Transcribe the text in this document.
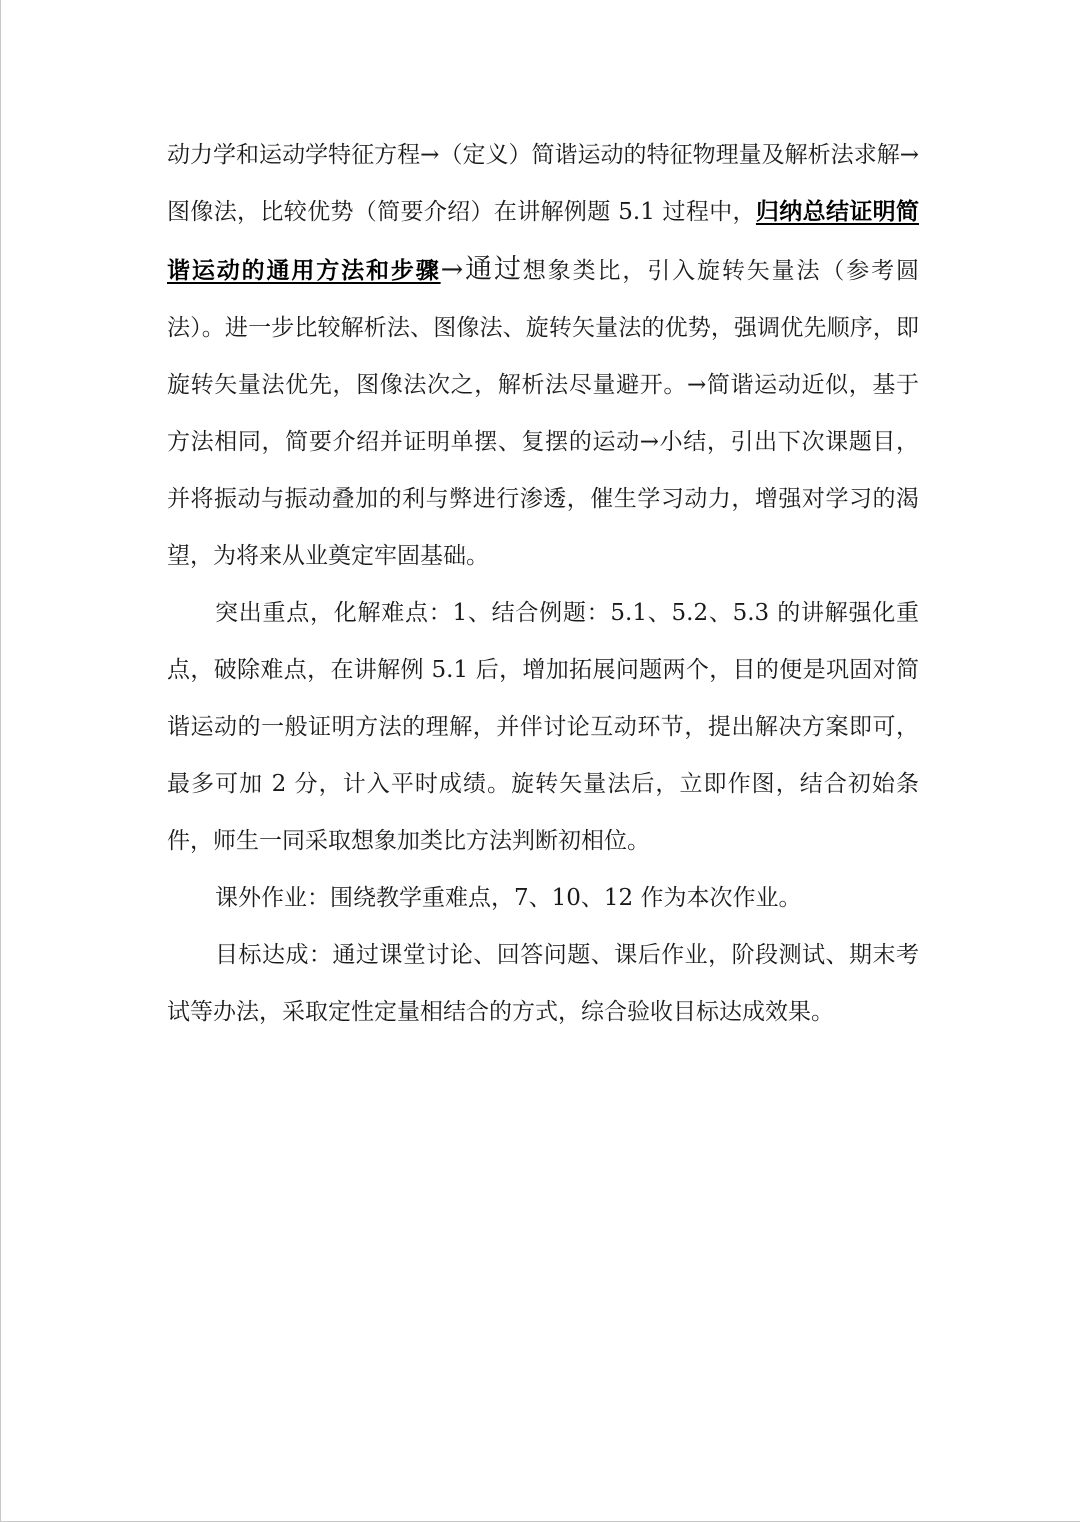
动力学和运动学特征方程→（定义）简谐运动的特征物理量及解析法求解→图像法，比较优势（简要介绍）在讲解例题 5.1 过程中，归纳总结证明简谐运动的通用方法和步骤→通过想象类比，引入旋转矢量法（参考圆法）。进一步比较解析法、图像法、旋转矢量法的优势，强调优先顺序，即旋转矢量法优先，图像法次之，解析法尽量避开。→简谐运动近似，基于方法相同，简要介绍并证明单摆、复摆的运动→小结，引出下次课题目，并将振动与振动叠加的利与弊进行渗透，催生学习动力，增强对学习的渴望，为将来从业奠定牢固基础。

突出重点，化解难点：1、结合例题：5.1、5.2、5.3 的讲解强化重点，破除难点，在讲解例 5.1 后，增加拓展问题两个，目的便是巩固对简谐运动的一般证明方法的理解，并伴讨论互动环节，提出解决方案即可，最多可加 2 分，计入平时成绩。旋转矢量法后，立即作图，结合初始条件，师生一同采取想象加类比方法判断初相位。

课外作业：围绕教学重难点，7、10、12 作为本次作业。

目标达成：通过课堂讨论、回答问题、课后作业，阶段测试、期末考试等办法，采取定性定量相结合的方式，综合验收目标达成效果。
